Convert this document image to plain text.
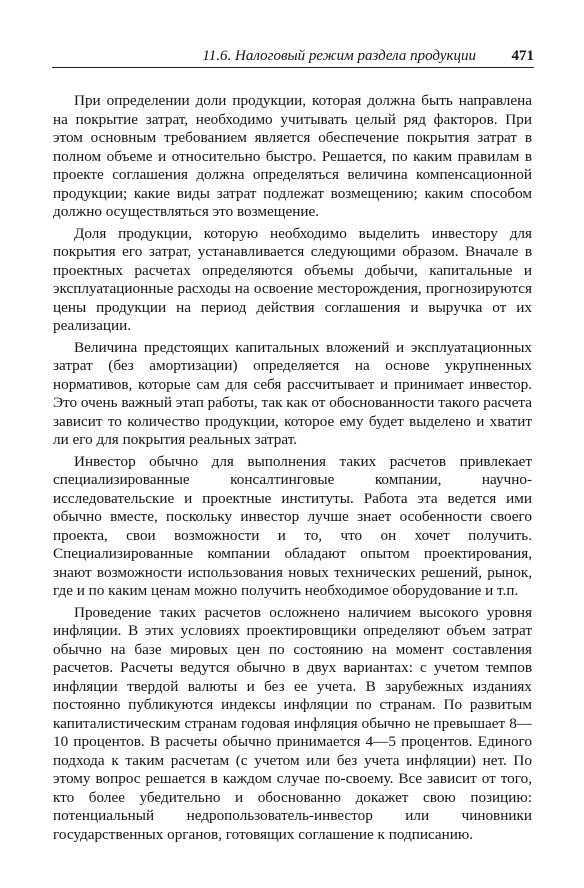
11.6. Налоговый режим раздела продукции 471

При определении доли продукции, которая должна быть направлена на покрытие затрат, необходимо учитывать целый ряд факторов. При этом основным требованием является обеспечение покрытия затрат в полном объеме и относительно быстро. Решается, по каким правилам в проекте соглашения должна определяться величина компенсационной продукции; какие виды затрат подлежат возмещению; каким способом должно осуществляться это возмещение.

Доля продукции, которую необходимо выделить инвестору для покрытия его затрат, устанавливается следующими образом. Вначале в проектных расчетах определяются объемы добычи, капитальные и эксплуатационные расходы на освоение месторождения, прогнозируются цены продукции на период действия соглашения и выручка от их реализации.

Величина предстоящих капитальных вложений и эксплуатационных затрат (без амортизации) определяется на основе укрупненных нормативов, которые сам для себя рассчитывает и принимает инвестор. Это очень важный этап работы, так как от обоснованности такого расчета зависит то количество продукции, которое ему будет выделено и хватит ли его для покрытия реальных затрат.

Инвестор обычно для выполнения таких расчетов привлекает специализированные консалтинговые компании, научно-исследовательские и проектные институты. Работа эта ведется ими обычно вместе, поскольку инвестор лучше знает особенности своего проекта, свои возможности и то, что он хочет получить. Специализированные компании обладают опытом проектирования, знают возможности использования новых технических решений, рынок, где и по каким ценам можно получить необходимое оборудование и т.п.

Проведение таких расчетов осложнено наличием высокого уровня инфляции. В этих условиях проектировщики определяют объем затрат обычно на базе мировых цен по состоянию на момент составления расчетов. Расчеты ведутся обычно в двух вариантах: с учетом темпов инфляции твердой валюты и без ее учета. В зарубежных изданиях постоянно публикуются индексы инфляции по странам. По развитым капиталистическим странам годовая инфляция обычно не превышает 8—10 процентов. В расчеты обычно принимается 4—5 процентов. Единого подхода к таким расчетам (с учетом или без учета инфляции) нет. По этому вопрос решается в каждом случае по-своему. Все зависит от того, кто более убедительно и обоснованно докажет свою позицию: потенциальный недропользователь-инвестор или чиновники государственных органов, готовящих соглашение к подписанию.
